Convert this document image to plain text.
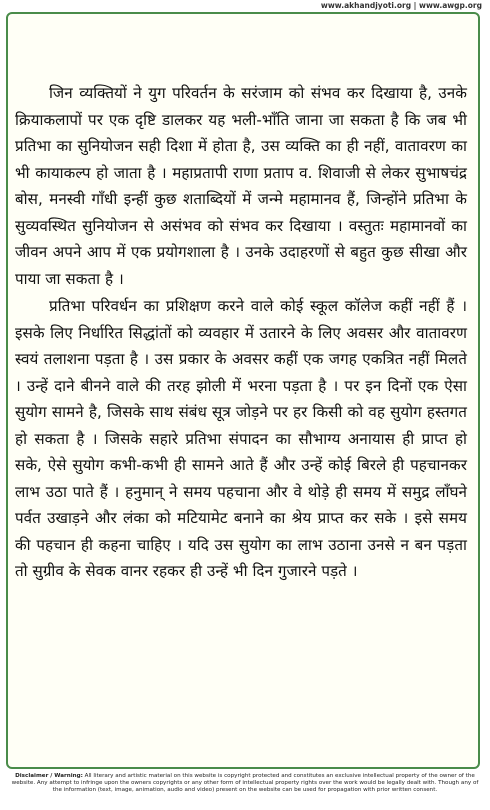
www.akhandjyoti.org | www.awgp.org

जिन व्यक्तियों ने युग परिवर्तन के सरंजाम को संभव कर दिखाया है, उनके क्रियाकलापों पर एक दृष्टि डालकर यह भली-भाँति जाना जा सकता है कि जब भी प्रतिभा का सुनियोजन सही दिशा में होता है, उस व्यक्ति का ही नहीं, वातावरण का भी कायाकल्प हो जाता है । महाप्रतापी राणा प्रताप व. शिवाजी से लेकर सुभाषचंद्र बोस, मनस्वी गाँधी इन्हीं कुछ शताब्दियों में जन्मे महामानव हैं, जिन्होंने प्रतिभा के सुव्यवस्थित सुनियोजन से असंभव को संभव कर दिखाया । वस्तुतः महामानवों का जीवन अपने आप में एक प्रयोगशाला है । उनके उदाहरणों से बहुत कुछ सीखा और पाया जा सकता है ।

प्रतिभा परिवर्धन का प्रशिक्षण करने वाले कोई स्कूल कॉलेज कहीं नहीं हैं । इसके लिए निर्धारित सिद्धांतों को व्यवहार में उतारने के लिए अवसर और वातावरण स्वयं तलाशना पड़ता है । उस प्रकार के अवसर कहीं एक जगह एकत्रित नहीं मिलते । उन्हें दाने बीनने वाले की तरह झोली में भरना पड़ता है । पर इन दिनों एक ऐसा सुयोग सामने है, जिसके साथ संबंध सूत्र जोड़ने पर हर किसी को वह सुयोग हस्तगत हो सकता है । जिसके सहारे प्रतिभा संपादन का सौभाग्य अनायास ही प्राप्त हो सके, ऐसे सुयोग कभी-कभी ही सामने आते हैं और उन्हें कोई बिरले ही पहचानकर लाभ उठा पाते हैं । हनुमान् ने समय पहचाना और वे थोड़े ही समय में समुद्र लाँघने पर्वत उखाड़ने और लंका को मटियामेट बनाने का श्रेय प्राप्त कर सके । इसे समय की पहचान ही कहना चाहिए । यदि उस सुयोग का लाभ उठाना उनसे न बन पड़ता तो सुग्रीव के सेवक वानर रहकर ही उन्हें भी दिन गुजारने पड़ते ।

Disclaimer / Warning: All literary and artistic material on this website is copyright protected and constitutes an exclusive intellectual property of the owner of the website. Any attempt to infringe upon the owners copyrights or any other form of intellectual property rights over the work would be legally dealt with. Though any of the information (text, image, animation, audio and video) present on the website can be used for propagation with prior written consent.
